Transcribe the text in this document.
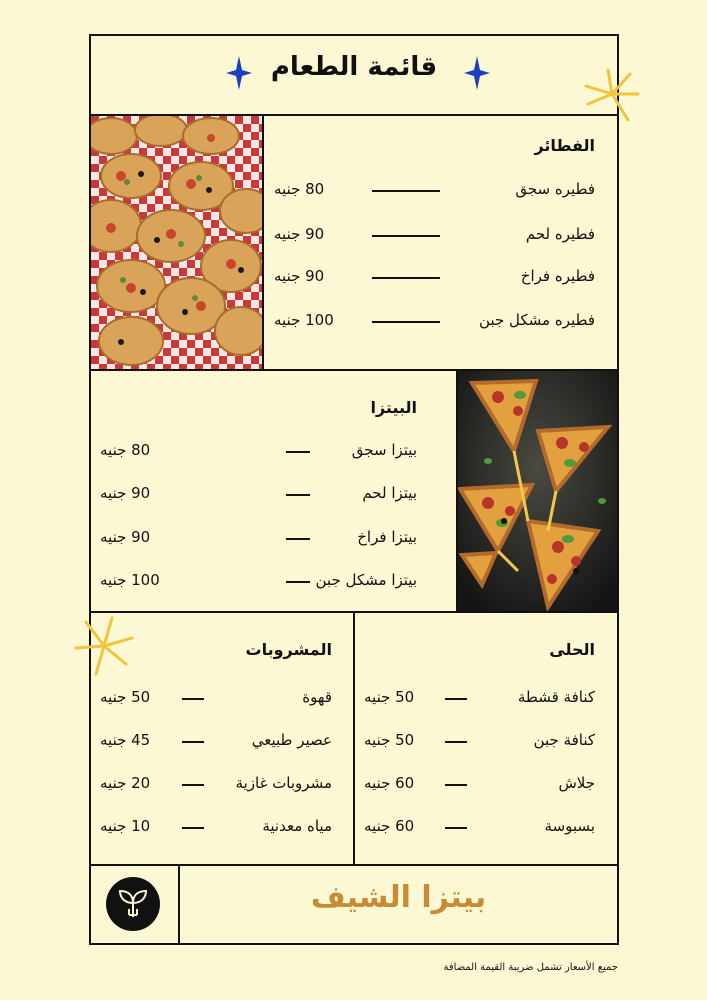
قائمة الطعام
الفطائر
فطيره سجق
80 جنيه
فطيره لحم
90 جنيه
فطيره فراخ
90 جنيه
فطيره مشكل جبن
100 جنيه
البيتزا
بيتزا سجق
80 جنيه
بيتزا لحم
90 جنيه
بيتزا فراخ
90 جنيه
بيتزا مشكل جبن
100 جنيه
الحلى
كنافة قشطة
50 جنيه
كنافة جبن
50 جنيه
جلاش
60 جنيه
بسبوسة
60 جنيه
المشروبات
قهوة
50 جنيه
عصير طبيعي
45 جنيه
مشروبات غازية
20 جنيه
مياه معدنية
10 جنيه
بيتزا الشيف
جميع الأسعار تشمل ضريبة القيمة المضافة
